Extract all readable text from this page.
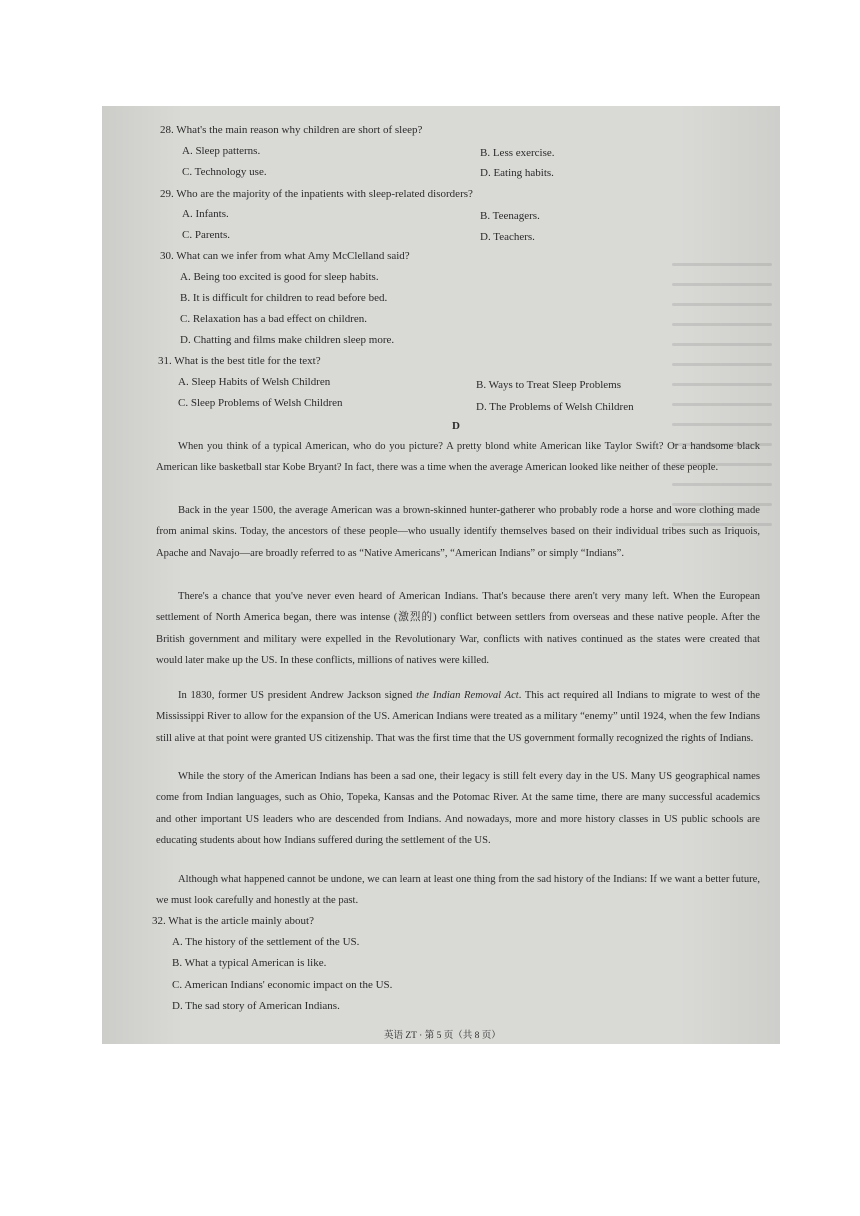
28. What's the main reason why children are short of sleep?
A. Sleep patterns.	B. Less exercise.
C. Technology use.	D. Eating habits.
29. Who are the majority of the inpatients with sleep-related disorders?
A. Infants.	B. Teenagers.
C. Parents.	D. Teachers.
30. What can we infer from what Amy McClelland said?
A. Being too excited is good for sleep habits.
B. It is difficult for children to read before bed.
C. Relaxation has a bad effect on children.
D. Chatting and films make children sleep more.
31. What is the best title for the text?
A. Sleep Habits of Welsh Children	B. Ways to Treat Sleep Problems
C. Sleep Problems of Welsh Children	D. The Problems of Welsh Children
D

When you think of a typical American, who do you picture? A pretty blond white American like Taylor Swift? Or a handsome black American like basketball star Kobe Bryant? In fact, there was a time when the average American looked like neither of these people.

Back in the year 1500, the average American was a brown-skinned hunter-gatherer who probably rode a horse and wore clothing made from animal skins. Today, the ancestors of these people—who usually identify themselves based on their individual tribes such as Iriquois, Apache and Navajo—are broadly referred to as “Native Americans”, “American Indians” or simply “Indians”.

There's a chance that you've never even heard of American Indians. That's because there aren't very many left. When the European settlement of North America began, there was intense (激烈的) conflict between settlers from overseas and these native people. After the British government and military were expelled in the Revolutionary War, conflicts with natives continued as the states were created that would later make up the US. In these conflicts, millions of natives were killed.

In 1830, former US president Andrew Jackson signed the Indian Removal Act. This act required all Indians to migrate to west of the Mississippi River to allow for the expansion of the US. American Indians were treated as a military “enemy” until 1924, when the few Indians still alive at that point were granted US citizenship. That was the first time that the US government formally recognized the rights of Indians.

While the story of the American Indians has been a sad one, their legacy is still felt every day in the US. Many US geographical names come from Indian languages, such as Ohio, Topeka, Kansas and the Potomac River. At the same time, there are many successful academics and other important US leaders who are descended from Indians. And nowadays, more and more history classes in US public schools are educating students about how Indians suffered during the settlement of the US.

Although what happened cannot be undone, we can learn at least one thing from the sad history of the Indians: If we want a better future, we must look carefully and honestly at the past.

32. What is the article mainly about?
A. The history of the settlement of the US.
B. What a typical American is like.
C. American Indians' economic impact on the US.
D. The sad story of American Indians.
英语 ZT · 第 5 页（共 8 页）
